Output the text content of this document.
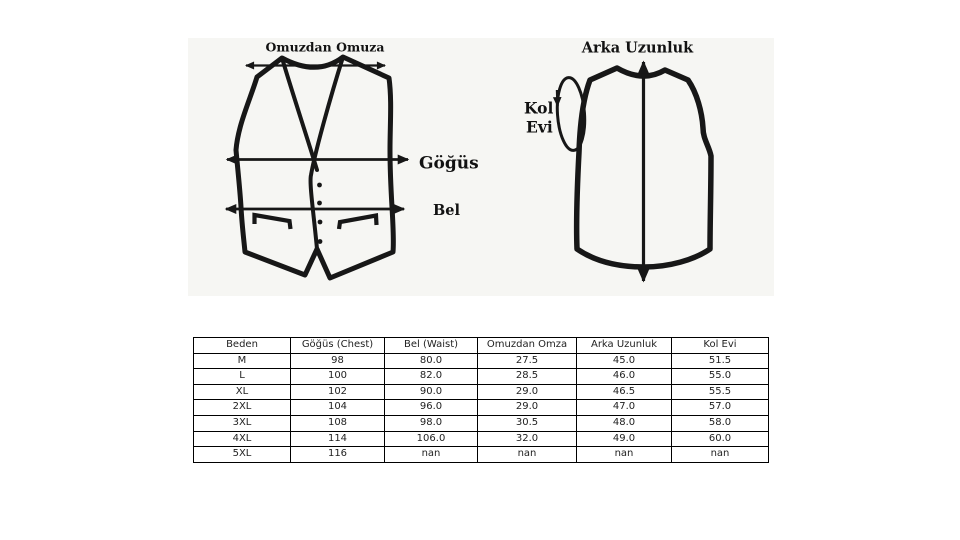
Omuzdan Omuza
Göğüs
Bel
Arka Uzunluk
Kol
Evi
Beden	Göğüs (Chest)	Bel (Waist)	Omuzdan Omza	Arka Uzunluk	Kol Evi
M	98	80.0	27.5	45.0	51.5
L	100	82.0	28.5	46.0	55.0
XL	102	90.0	29.0	46.5	55.5
2XL	104	96.0	29.0	47.0	57.0
3XL	108	98.0	30.5	48.0	58.0
4XL	114	106.0	32.0	49.0	60.0
5XL	116	nan	nan	nan	nan
